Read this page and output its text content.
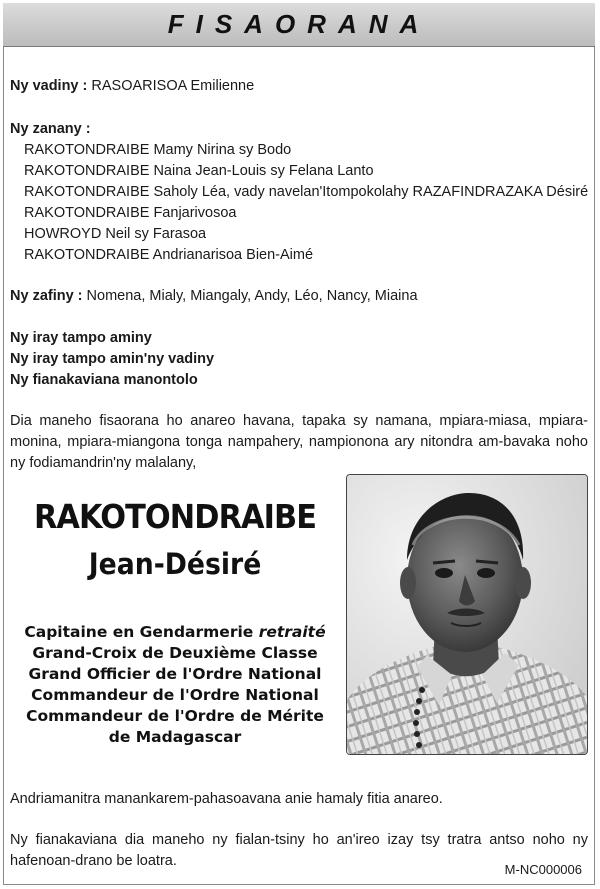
FISAORANA
Ny vadiny : RASOARISOA Emilienne
Ny zanany :
RAKOTONDRAIBE Mamy Nirina sy Bodo
RAKOTONDRAIBE Naina Jean-Louis sy Felana Lanto
RAKOTONDRAIBE Saholy Léa, vady navelan'Itompokolahy RAZAFINDRAZAKA Désiré
RAKOTONDRAIBE Fanjarivosoa
HOWROYD Neil sy Farasoa
RAKOTONDRAIBE Andrianarisoa Bien-Aimé
Ny zafiny : Nomena, Mialy, Miangaly, Andy, Léo, Nancy, Miaina
Ny iray tampo aminy
Ny iray tampo amin'ny vadiny
Ny fianakaviana manontolo
Dia maneho fisaorana ho anareo havana, tapaka sy namana, mpiara-miasa, mpiara-monina, mpiara-miangona tonga nampahery, nampionona ary nitondra am-bavaka noho ny fodiamandrin'ny malalany,
RAKOTONDRAIBE
Jean-Désiré
Capitaine en Gendarmerie retraité
Grand-Croix de Deuxième Classe
Grand Officier de l'Ordre National
Commandeur de l'Ordre National
Commandeur de l'Ordre de Mérite
de Madagascar
Andriamanitra manankarem-pahasoavana anie hamaly fitia anareo.
Ny fianakaviana dia maneho ny fialan-tsiny ho an'ireo izay tsy tratra antso noho ny hafenoan-drano be loatra.
M-NC000006
